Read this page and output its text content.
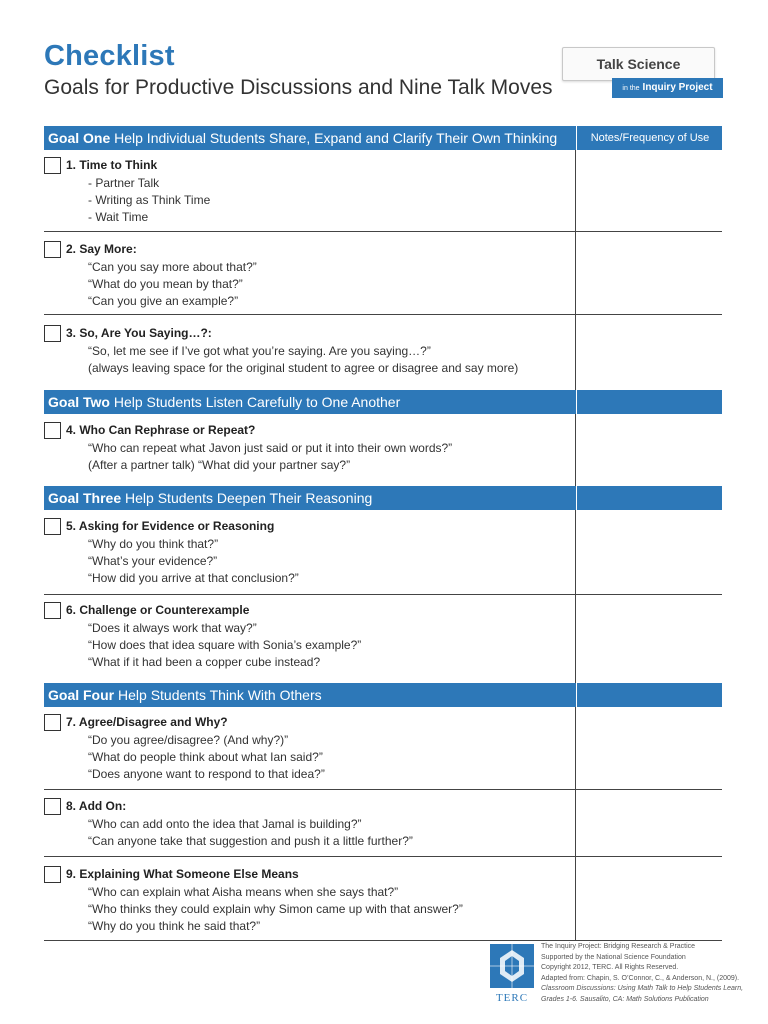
Checklist
Goals for Productive Discussions and Nine Talk Moves
Talk Science
in the Inquiry Project
Goal One Help Individual Students Share, Expand and Clarify Their Own Thinking	Notes/Frequency of Use
Goal Two Help Students Listen Carefully to One Another
Goal Three Help Students Deepen Their Reasoning
Goal Four Help Students Think With Others
1. Time to Think
- Partner Talk
- Writing as Think Time
- Wait Time
2. Say More:
“Can you say more about that?”
“What do you mean by that?”
“Can you give an example?”
3. So, Are You Saying…?:
“So, let me see if I’ve got what you’re saying. Are you saying…?”
(always leaving space for the original student to agree or disagree and say more)
4. Who Can Rephrase or Repeat?
“Who can repeat what Javon just said or put it into their own words?”
(After a partner talk) “What did your partner say?”
5. Asking for Evidence or Reasoning
“Why do you think that?”
“What’s your evidence?”
“How did you arrive at that conclusion?”
6. Challenge or Counterexample
“Does it always work that way?”
“How does that idea square with Sonia’s example?”
“What if it had been a copper cube instead?
7. Agree/Disagree and Why?
“Do you agree/disagree? (And why?)”
“What do people think about what Ian said?”
“Does anyone want to respond to that idea?”
8. Add On:
“Who can add onto the idea that Jamal is building?”
“Can anyone take that suggestion and push it a little further?”
9. Explaining What Someone Else Means
“Who can explain what Aisha means when she says that?”
“Who thinks they could explain why Simon came up with that answer?”
“Why do you think he said that?”
TERC
The Inquiry Project: Bridging Research & Practice
Supported by the National Science Foundation
Copyright 2012, TERC. All Rights Reserved.
Adapted from: Chapin, S. O’Connor, C., & Anderson, N., (2009).
Classroom Discussions: Using Math Talk to Help Students Learn,
Grades 1-6. Sausalito, CA: Math Solutions Publication
